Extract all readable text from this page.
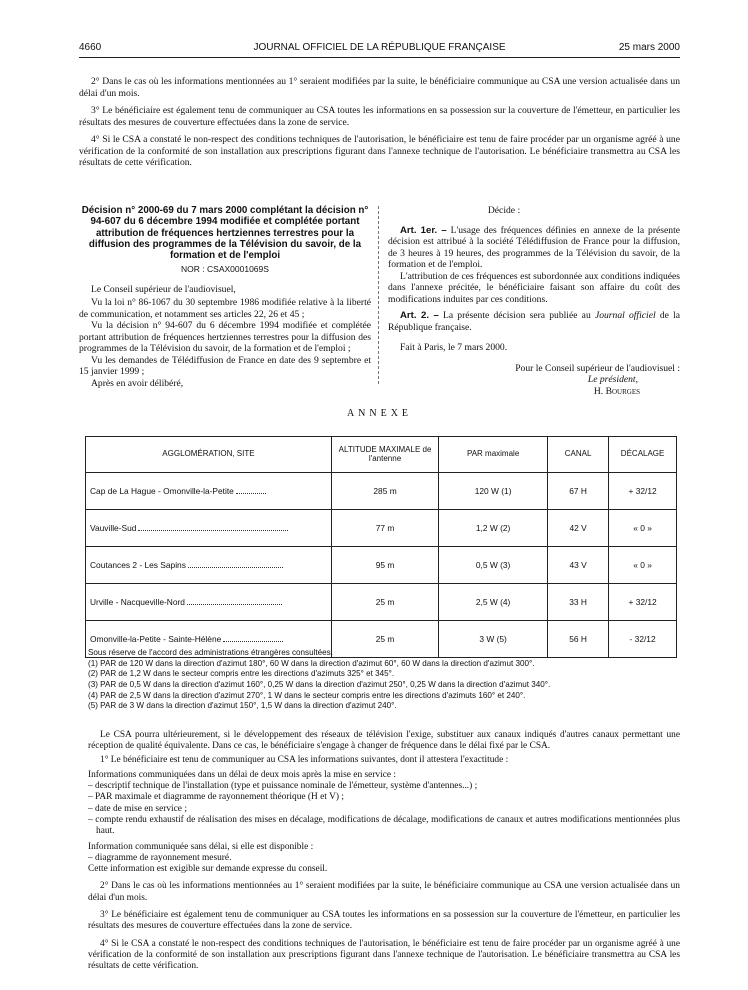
4660	JOURNAL OFFICIEL DE LA RÉPUBLIQUE FRANÇAISE	25 mars 2000

2° Dans le cas où les informations mentionnées au 1° seraient modifiées par la suite, le bénéficiaire communique au CSA une version actualisée dans un délai d'un mois.

3° Le bénéficiaire est également tenu de communiquer au CSA toutes les informations en sa possession sur la couverture de l'émetteur, en particulier les résultats des mesures de couverture effectuées dans la zone de service.

4° Si le CSA a constaté le non-respect des conditions techniques de l'autorisation, le bénéficiaire est tenu de faire procéder par un organisme agréé à une vérification de la conformité de son installation aux prescriptions figurant dans l'annexe technique de l'autorisation. Le bénéficiaire transmettra au CSA les résultats de cette vérification.

Décision n° 2000-69 du 7 mars 2000 complétant la décision n° 94-607 du 6 décembre 1994 modifiée et complétée portant attribution de fréquences hertziennes terrestres pour la diffusion des programmes de la Télévision du savoir, de la formation et de l'emploi
NOR : CSAX0001069S

Le Conseil supérieur de l'audiovisuel,

Vu la loi n° 86-1067 du 30 septembre 1986 modifiée relative à la liberté de communication, et notamment ses articles 22, 26 et 45 ;

Vu la décision n° 94-607 du 6 décembre 1994 modifiée et complétée portant attribution de fréquences hertziennes terrestres pour la diffusion des programmes de la Télévision du savoir, de la formation et de l'emploi ;

Vu les demandes de Télédiffusion de France en date des 9 septembre et 15 janvier 1999 ;

Après en avoir délibéré,

Décide :

Art. 1er. – L'usage des fréquences définies en annexe de la présente décision est attribué à la société Télédiffusion de France pour la diffusion, de 3 heures à 19 heures, des programmes de la Télévision du savoir, de la formation et de l'emploi.

L'attribution de ces fréquences est subordonnée aux conditions indiquées dans l'annexe précitée, le bénéficiaire faisant son affaire du coût des modifications induites par ces conditions.

Art. 2. – La présente décision sera publiée au Journal officiel de la République française.

Fait à Paris, le 7 mars 2000.

Pour le Conseil supérieur de l'audiovisuel :

Le président,

H. Bourges

ANNEXE
AGGLOMÉRATION, SITE	ALTITUDE MAXIMALE de l'antenne	PAR maximale	CANAL	DÉCALAGE
Cap de La Hague - Omonville-la-Petite	285 m	120 W (1)	67 H	+ 32/12
Vauville-Sud	77 m	1,2 W (2)	42 V	« 0 »
Coutances 2 - Les Sapins	95 m	0,5 W (3)	43 V	« 0 »
Urville - Nacqueville-Nord	25 m	2,5 W (4)	33 H	+ 32/12
Omonville-la-Petite - Sainte-Hélène	25 m	3 W (5)	56 H	- 32/12

Sous réserve de l'accord des administrations étrangères consultées.

(1) PAR de 120 W dans la direction d'azimut 180°, 60 W dans la direction d'azimut 60°, 60 W dans la direction d'azimut 300°.

(2) PAR de 1,2 W dans le secteur compris entre les directions d'azimuts 325° et 345°.

(3) PAR de 0,5 W dans la direction d'azimut 160°, 0,25 W dans la direction d'azimut 250°, 0,25 W dans la direction d'azimut 340°.

(4) PAR de 2,5 W dans la direction d'azimut 270°, 1 W dans le secteur compris entre les directions d'azimuts 160° et 240°.

(5) PAR de 3 W dans la direction d'azimut 150°, 1,5 W dans la direction d'azimut 240°.

Le CSA pourra ultérieurement, si le développement des réseaux de télévision l'exige, substituer aux canaux indiqués d'autres canaux permettant une réception de qualité équivalente. Dans ce cas, le bénéficiaire s'engage à changer de fréquence dans le délai fixé par le CSA.

1° Le bénéficiaire est tenu de communiquer au CSA les informations suivantes, dont il attestera l'exactitude :

Informations communiquées dans un délai de deux mois après la mise en service :

– descriptif technique de l'installation (type et puissance nominale de l'émetteur, système d'antennes...) ;

– PAR maximale et diagramme de rayonnement théorique (H et V) ;

– date de mise en service ;

– compte rendu exhaustif de réalisation des mises en décalage, modifications de décalage, modifications de canaux et autres modifications mentionnées plus haut.

Information communiquée sans délai, si elle est disponible :

– diagramme de rayonnement mesuré.

Cette information est exigible sur demande expresse du conseil.

2° Dans le cas où les informations mentionnées au 1° seraient modifiées par la suite, le bénéficiaire communique au CSA une version actualisée dans un délai d'un mois.

3° Le bénéficiaire est également tenu de communiquer au CSA toutes les informations en sa possession sur la couverture de l'émetteur, en particulier les résultats des mesures de couverture effectuées dans la zone de service.

4° Si le CSA a constaté le non-respect des conditions techniques de l'autorisation, le bénéficiaire est tenu de faire procéder par un organisme agréé à une vérification de la conformité de son installation aux prescriptions figurant dans l'annexe technique de l'autorisation. Le bénéficiaire transmettra au CSA les résultats de cette vérification.
